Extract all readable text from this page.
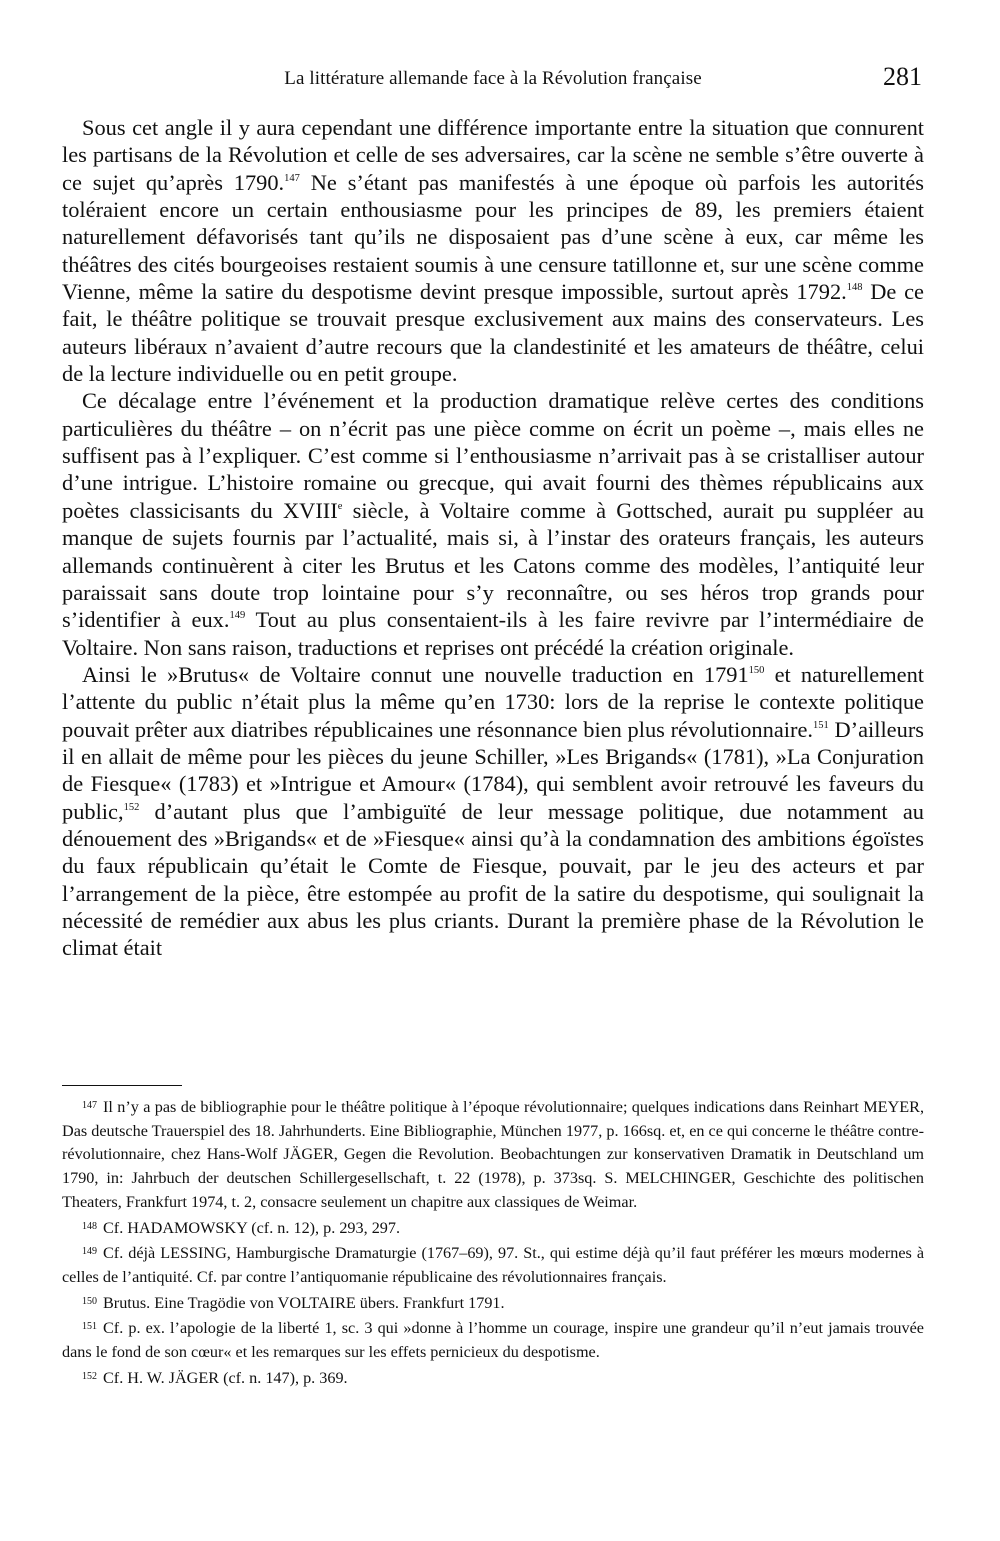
La littérature allemande face à la Révolution française	281

Sous cet angle il y aura cependant une différence importante entre la situation que connurent les partisans de la Révolution et celle de ses adversaires, car la scène ne semble s’être ouverte à ce sujet qu’après 1790.$^{147}$ Ne s’étant pas manifestés à une époque où parfois les autorités toléraient encore un certain enthousiasme pour les principes de 89, les premiers étaient naturellement défavorisés tant qu’ils ne disposaient pas d’une scène à eux, car même les théâtres des cités bourgeoises restaient soumis à une censure tatillonne et, sur une scène comme Vienne, même la satire du despotisme devint presque impossible, surtout après 1792.$^{148}$ De ce fait, le théâtre politique se trouvait presque exclusivement aux mains des conservateurs. Les auteurs libéraux n’avaient d’autre recours que la clandestinité et les amateurs de théâtre, celui de la lecture individuelle ou en petit groupe.

Ce décalage entre l’événement et la production dramatique relève certes des conditions particulières du théâtre – on n’écrit pas une pièce comme on écrit un poème –, mais elles ne suffisent pas à l’expliquer. C’est comme si l’enthousiasme n’arrivait pas à se cristalliser autour d’une intrigue. L’histoire romaine ou grecque, qui avait fourni des thèmes républicains aux poètes classicisants du XVIIIe siècle, à Voltaire comme à Gottsched, aurait pu suppléer au manque de sujets fournis par l’actualité, mais si, à l’instar des orateurs français, les auteurs allemands continuèrent à citer les Brutus et les Catons comme des modèles, l’antiquité leur paraissait sans doute trop lointaine pour s’y reconnaître, ou ses héros trop grands pour s’identifier à eux.$^{149}$ Tout au plus consentaient-ils à les faire revivre par l’intermédiaire de Voltaire. Non sans raison, traductions et reprises ont précédé la création originale.

Ainsi le »Brutus« de Voltaire connut une nouvelle traduction en 1791$^{150}$ et naturellement l’attente du public n’était plus la même qu’en 1730: lors de la reprise le contexte politique pouvait prêter aux diatribes républicaines une résonnance bien plus révolutionnaire.$^{151}$ D’ailleurs il en allait de même pour les pièces du jeune Schiller, »Les Brigands« (1781), »La Conjuration de Fiesque« (1783) et »Intrigue et Amour« (1784), qui semblent avoir retrouvé les faveurs du public,$^{152}$ d’autant plus que l’ambiguïté de leur message politique, due notamment au dénouement des »Brigands« et de »Fiesque« ainsi qu’à la condamnation des ambitions égoïstes du faux républicain qu’était le Comte de Fiesque, pouvait, par le jeu des acteurs et par l’arrangement de la pièce, être estompée au profit de la satire du despotisme, qui soulignait la nécessité de remédier aux abus les plus criants. Durant la première phase de la Révolution le climat était

$^{147}$ Il n’y a pas de bibliographie pour le théâtre politique à l’époque révolutionnaire; quelques indications dans Reinhart MEYER, Das deutsche Trauerspiel des 18. Jahrhunderts. Eine Bibliographie, München 1977, p. 166sq. et, en ce qui concerne le théâtre contre-révolutionnaire, chez Hans-Wolf JÄGER, Gegen die Revolution. Beobachtungen zur konservativen Dramatik in Deutschland um 1790, in: Jahrbuch der deutschen Schillergesellschaft, t. 22 (1978), p. 373sq. S. MELCHINGER, Geschichte des politischen Theaters, Frankfurt 1974, t. 2, consacre seulement un chapitre aux classiques de Weimar.

$^{148}$ Cf. HADAMOWSKY (cf. n. 12), p. 293, 297.

$^{149}$ Cf. déjà LESSING, Hamburgische Dramaturgie (1767–69), 97. St., qui estime déjà qu’il faut préférer les mœurs modernes à celles de l’antiquité. Cf. par contre l’antiquomanie républicaine des révolutionnaires français.

$^{150}$ Brutus. Eine Tragödie von VOLTAIRE übers. Frankfurt 1791.

$^{151}$ Cf. p. ex. l’apologie de la liberté 1, sc. 3 qui »donne à l’homme un courage, inspire une grandeur qu’il n’eut jamais trouvée dans le fond de son cœur« et les remarques sur les effets pernicieux du despotisme.

$^{152}$ Cf. H. W. JÄGER (cf. n. 147), p. 369.
